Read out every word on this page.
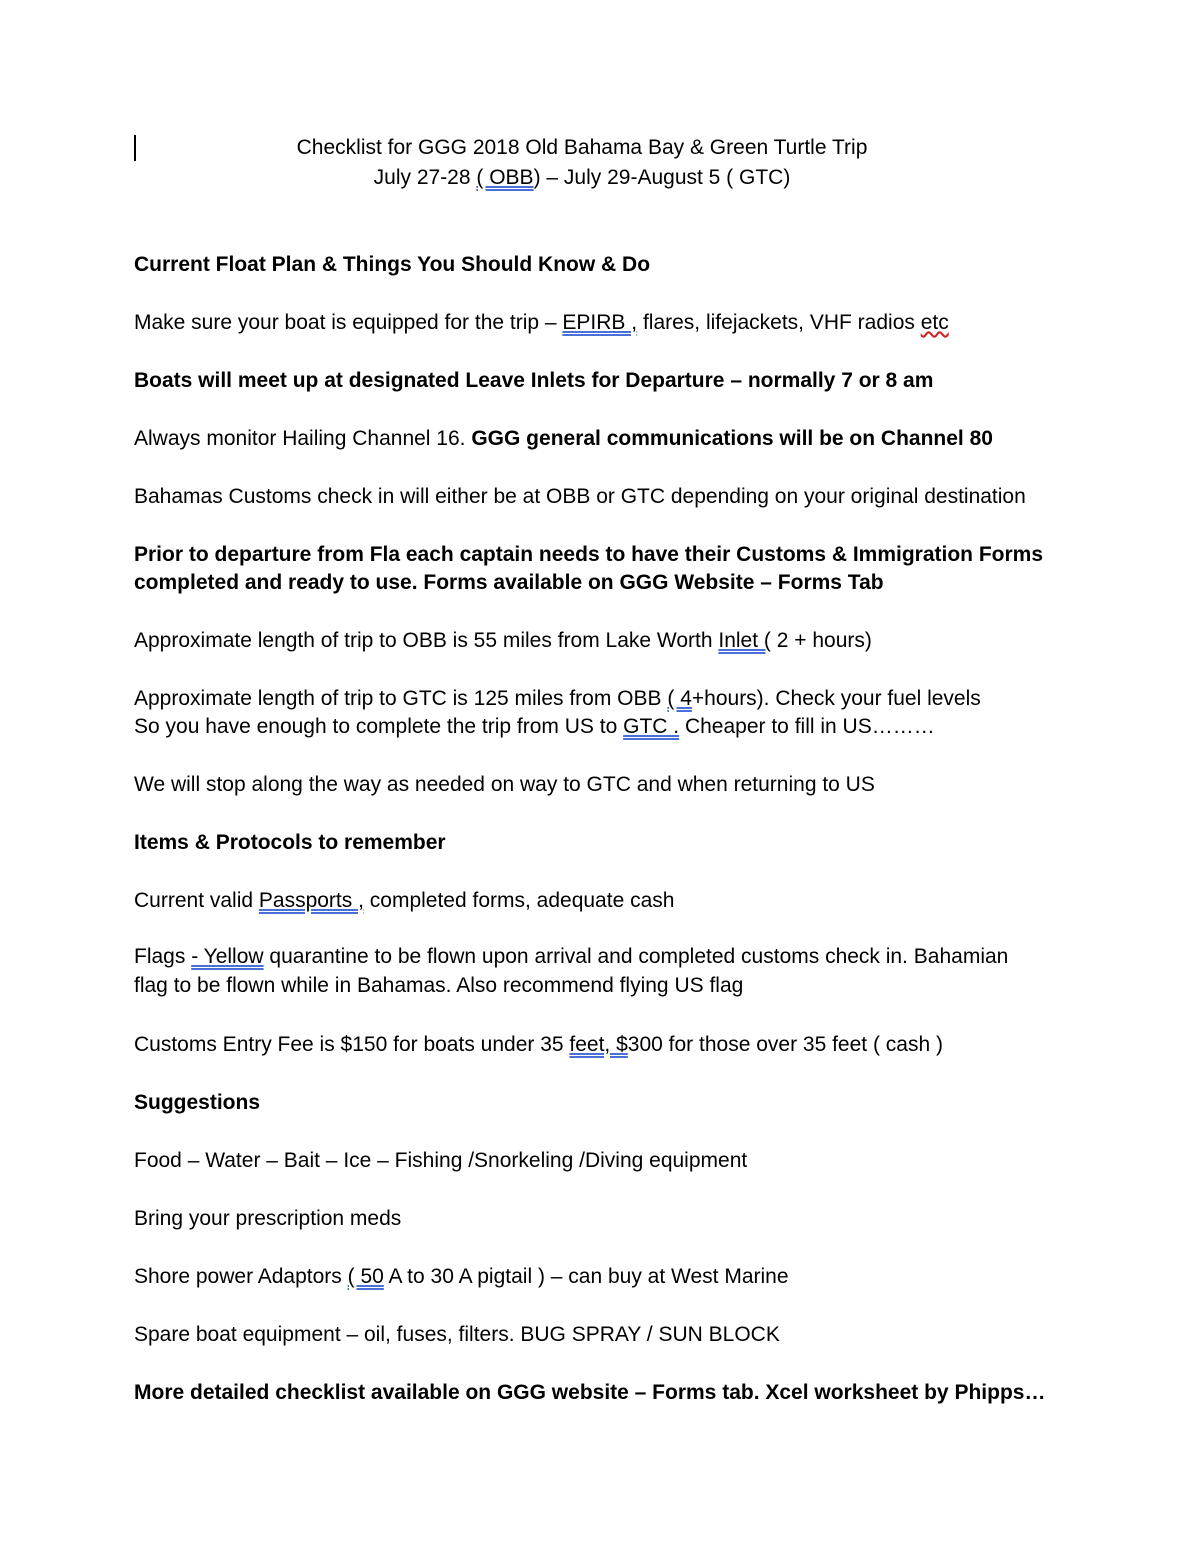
Checklist for GGG 2018 Old Bahama Bay & Green Turtle Trip
July 27-28 ( OBB) – July 29-August 5 ( GTC)
Current Float Plan & Things You Should Know & Do
Make sure your boat is equipped for the trip – EPIRB , flares, lifejackets, VHF radios etc
Boats will meet up at designated Leave Inlets for Departure – normally 7 or 8 am
Always monitor Hailing Channel 16. GGG general communications will be on Channel 80
Bahamas Customs check in will either be at OBB or GTC depending on your original destination
Prior to departure from Fla each captain needs to have their Customs & Immigration Forms
completed and ready to use. Forms available on GGG Website – Forms Tab
Approximate length of trip to OBB is 55 miles from Lake Worth Inlet ( 2 + hours)
Approximate length of trip to GTC is 125 miles from OBB ( 4+hours). Check your fuel levels
So you have enough to complete the trip from US to GTC . Cheaper to fill in US………
We will stop along the way as needed on way to GTC and when returning to US
Items & Protocols to remember
Current valid Passports , completed forms, adequate cash
Flags - Yellow quarantine to be flown upon arrival and completed customs check in. Bahamian
flag to be flown while in Bahamas. Also recommend flying US flag
Customs Entry Fee is $150 for boats under 35 feet, $300 for those over 35 feet ( cash )
Suggestions
Food – Water – Bait – Ice – Fishing /Snorkeling /Diving equipment
Bring your prescription meds
Shore power Adaptors ( 50 A to 30 A pigtail ) – can buy at West Marine
Spare boat equipment – oil, fuses, filters. BUG SPRAY / SUN BLOCK
More detailed checklist available on GGG website – Forms tab. Xcel worksheet by Phipps…
